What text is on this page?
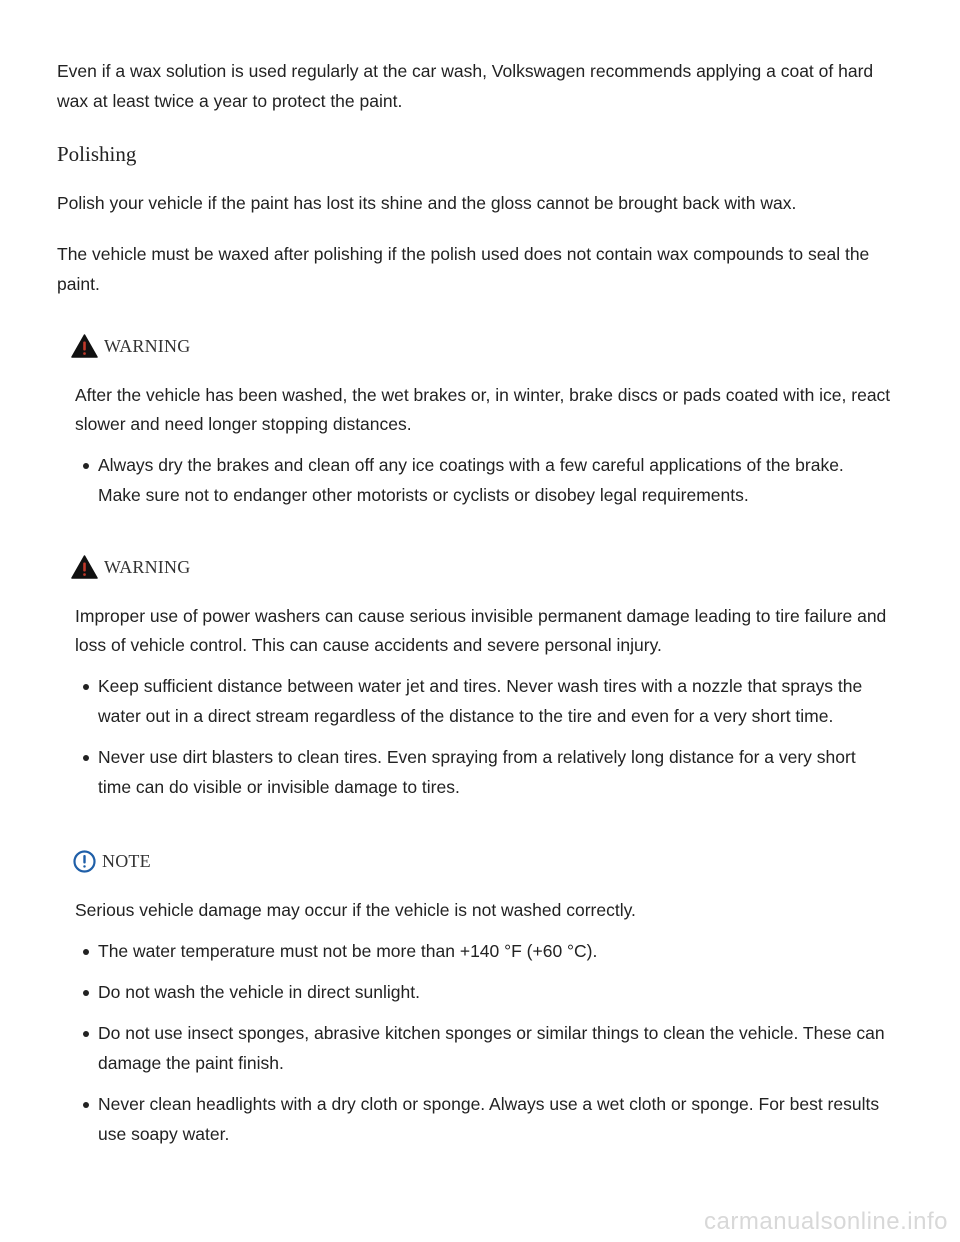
Even if a wax solution is used regularly at the car wash, Volkswagen recommends applying a coat of hard wax at least twice a year to protect the paint.

Polishing

Polish your vehicle if the paint has lost its shine and the gloss cannot be brought back with wax.

The vehicle must be waxed after polishing if the polish used does not contain wax compounds to seal the paint.

WARNING

After the vehicle has been washed, the wet brakes or, in winter, brake discs or pads coated with ice, react slower and need longer stopping distances.

Always dry the brakes and clean off any ice coatings with a few careful applications of the brake. Make sure not to endanger other motorists or cyclists or disobey legal requirements.
WARNING

Improper use of power washers can cause serious invisible permanent damage leading to tire failure and loss of vehicle control. This can cause accidents and severe personal injury.

Keep sufficient distance between water jet and tires. Never wash tires with a nozzle that sprays the water out in a direct stream regardless of the distance to the tire and even for a very short time.
Never use dirt blasters to clean tires. Even spraying from a relatively long distance for a very short time can do visible or invisible damage to tires.
NOTE

Serious vehicle damage may occur if the vehicle is not washed correctly.

The water temperature must not be more than +140 °F (+60 °C).
Do not wash the vehicle in direct sunlight.
Do not use insect sponges, abrasive kitchen sponges or similar things to clean the vehicle. These can damage the paint finish.
Never clean headlights with a dry cloth or sponge. Always use a wet cloth or sponge. For best results use soapy water.
carmanualsonline.info
